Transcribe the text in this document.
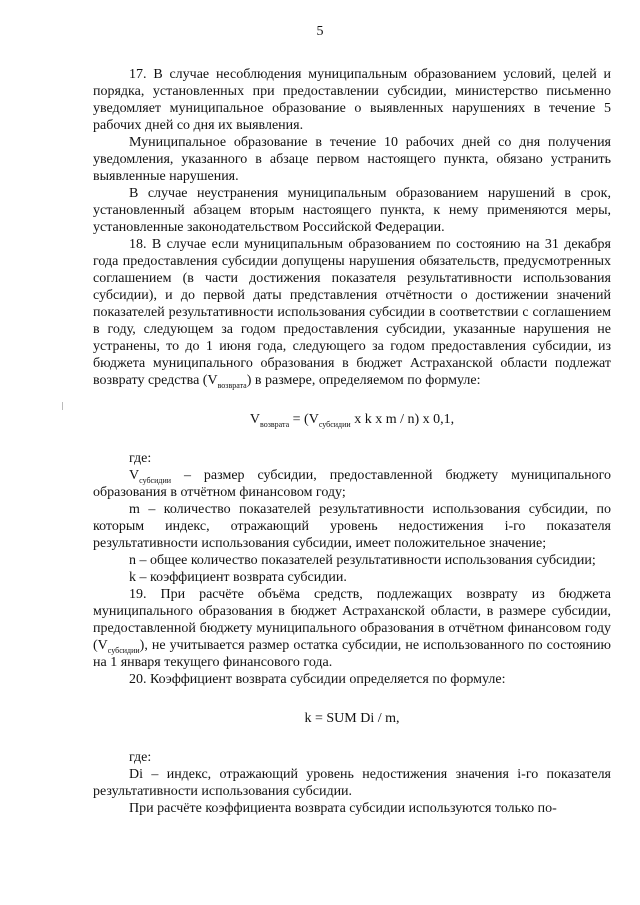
5

17. В случае несоблюдения муниципальным образованием условий, целей и порядка, установленных при предоставлении субсидии, министерство письменно уведомляет муниципальное образование о выявленных нарушениях в течение 5 рабочих дней со дня их выявления.

Муниципальное образование в течение 10 рабочих дней со дня получения уведомления, указанного в абзаце первом настоящего пункта, обязано устранить выявленные нарушения.

В случае неустранения муниципальным образованием нарушений в срок, установленный абзацем вторым настоящего пункта, к нему применяются меры, установленные законодательством Российской Федерации.

18. В случае если муниципальным образованием по состоянию на 31 декабря года предоставления субсидии допущены нарушения обязательств, предусмотренных соглашением (в части достижения показателя результативности использования субсидии), и до первой даты представления отчётности о достижении значений показателей результативности использования субсидии в соответствии с соглашением в году, следующем за годом предоставления субсидии, указанные нарушения не устранены, то до 1 июня года, следующего за годом предоставления субсидии, из бюджета муниципального образования в бюджет Астраханской области подлежат возврату средства $(V_{возврата})$ в размере, определяемом по формуле:

$V_{возврата} = (V_{субсидии}$ x k x m / n) x 0,1,

где:

$V_{субсидии}$ – размер субсидии, предоставленной бюджету муниципального образования в отчётном финансовом году;

m – количество показателей результативности использования субсидии, по которым индекс, отражающий уровень недостижения i-го показателя результативности использования субсидии, имеет положительное значение;

n – общее количество показателей результативности использования субсидии;

k – коэффициент возврата субсидии.

19. При расчёте объёма средств, подлежащих возврату из бюджета муниципального образования в бюджет Астраханской области, в размере субсидии, предоставленной бюджету муниципального образования в отчётном финансовом году $(V_{субсидии})$, не учитывается размер остатка субсидии, не использованного по состоянию на 1 января текущего финансового года.

20. Коэффициент возврата субсидии определяется по формуле:

k = SUM Di / m,

где:

Di – индекс, отражающий уровень недостижения значения i-го показателя результативности использования субсидии.

При расчёте коэффициента возврата субсидии используются только по-
